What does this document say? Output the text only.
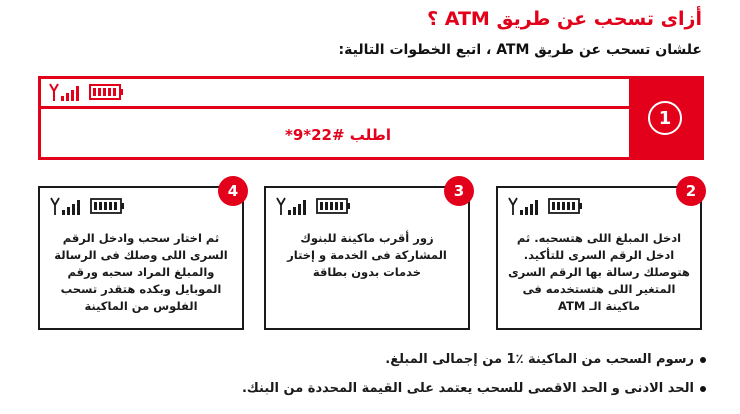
أزاى تسحب عن طريق ATM ؟
علشان تسحب عن طريق ATM ، اتبع الخطوات التالية:
اطلب #22*9*
1
4
ثم اختار سحب وادخل الرقم السرى اللى وصلك فى الرسالة والمبلغ المراد سحبه ورقم الموبايل وبكده هتقدر تسحب الفلوس من الماكينة
3
زور أقرب ماكينة للبنوك المشاركة فى الخدمة و إختار خدمات بدون بطاقة
2
ادخل المبلغ اللى هتسحبه. ثم ادخل الرقم السرى للتأكيد. هتوصلك رسالة بها الرقم السرى المتغير اللى هتستخدمه فى ماكينة الـ ATM
رسوم السحب من الماكينة ٪1 من إجمالى المبلغ.
الحد الادنى و الحد الاقصى للسحب يعتمد على القيمة المحددة من البنك.
